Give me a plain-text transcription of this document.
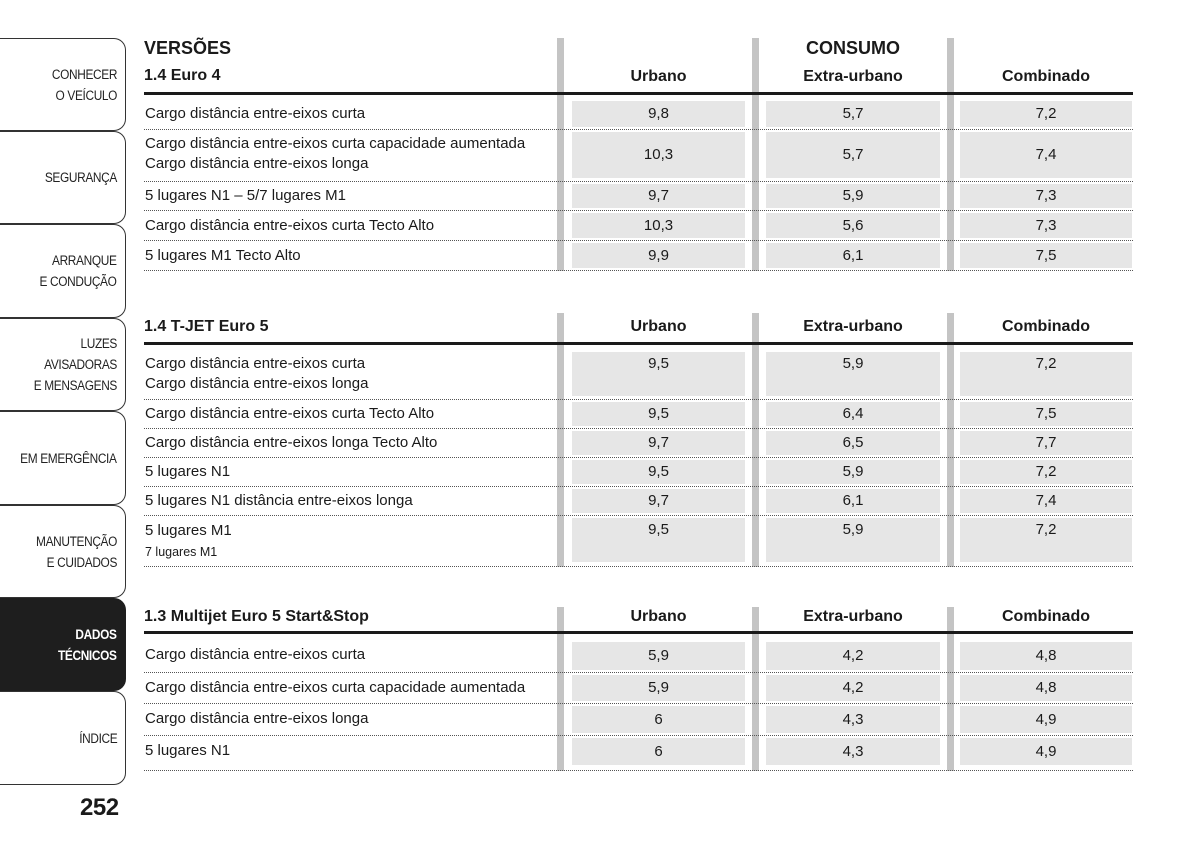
CONHECER
O VEÍCULO
SEGURANÇA
ARRANQUE
E CONDUÇÃO
LUZES AVISADORAS
E MENSAGENS
EM EMERGÊNCIA
MANUTENÇÃO
E CUIDADOS
DADOS
TÉCNICOS
ÍNDICE
252
VERSÕES	CONSUMO
1.4 Euro 4	Urbano	Extra-urbano	Combinado
Cargo distância entre-eixos curta	9,8	5,7	7,2
Cargo distância entre-eixos curta capacidade aumentada
Cargo distância entre-eixos longa
10,3	5,7	7,4
5 lugares N1 – 5/7 lugares M1	9,7	5,9	7,3
Cargo distância entre-eixos curta Tecto Alto	10,3	5,6	7,3
5 lugares M1 Tecto Alto	9,9	6,1	7,5
1.4 T-JET Euro 5	Urbano	Extra-urbano	Combinado
Cargo distância entre-eixos curta
Cargo distância entre-eixos longa
9,5	5,9	7,2
Cargo distância entre-eixos curta Tecto Alto	9,5	6,4	7,5
Cargo distância entre-eixos longa Tecto Alto	9,7	6,5	7,7
5 lugares N1	9,5	5,9	7,2
5 lugares N1 distância entre-eixos longa	9,7	6,1	7,4
5 lugares M1
7 lugares M1
9,5	5,9	7,2
1.3 Multijet Euro 5 Start&Stop	Urbano	Extra-urbano	Combinado
Cargo distância entre-eixos curta	5,9	4,2	4,8
Cargo distância entre-eixos curta capacidade aumentada	5,9	4,2	4,8
Cargo distância entre-eixos longa	6	4,3	4,9
5 lugares N1	6	4,3	4,9
